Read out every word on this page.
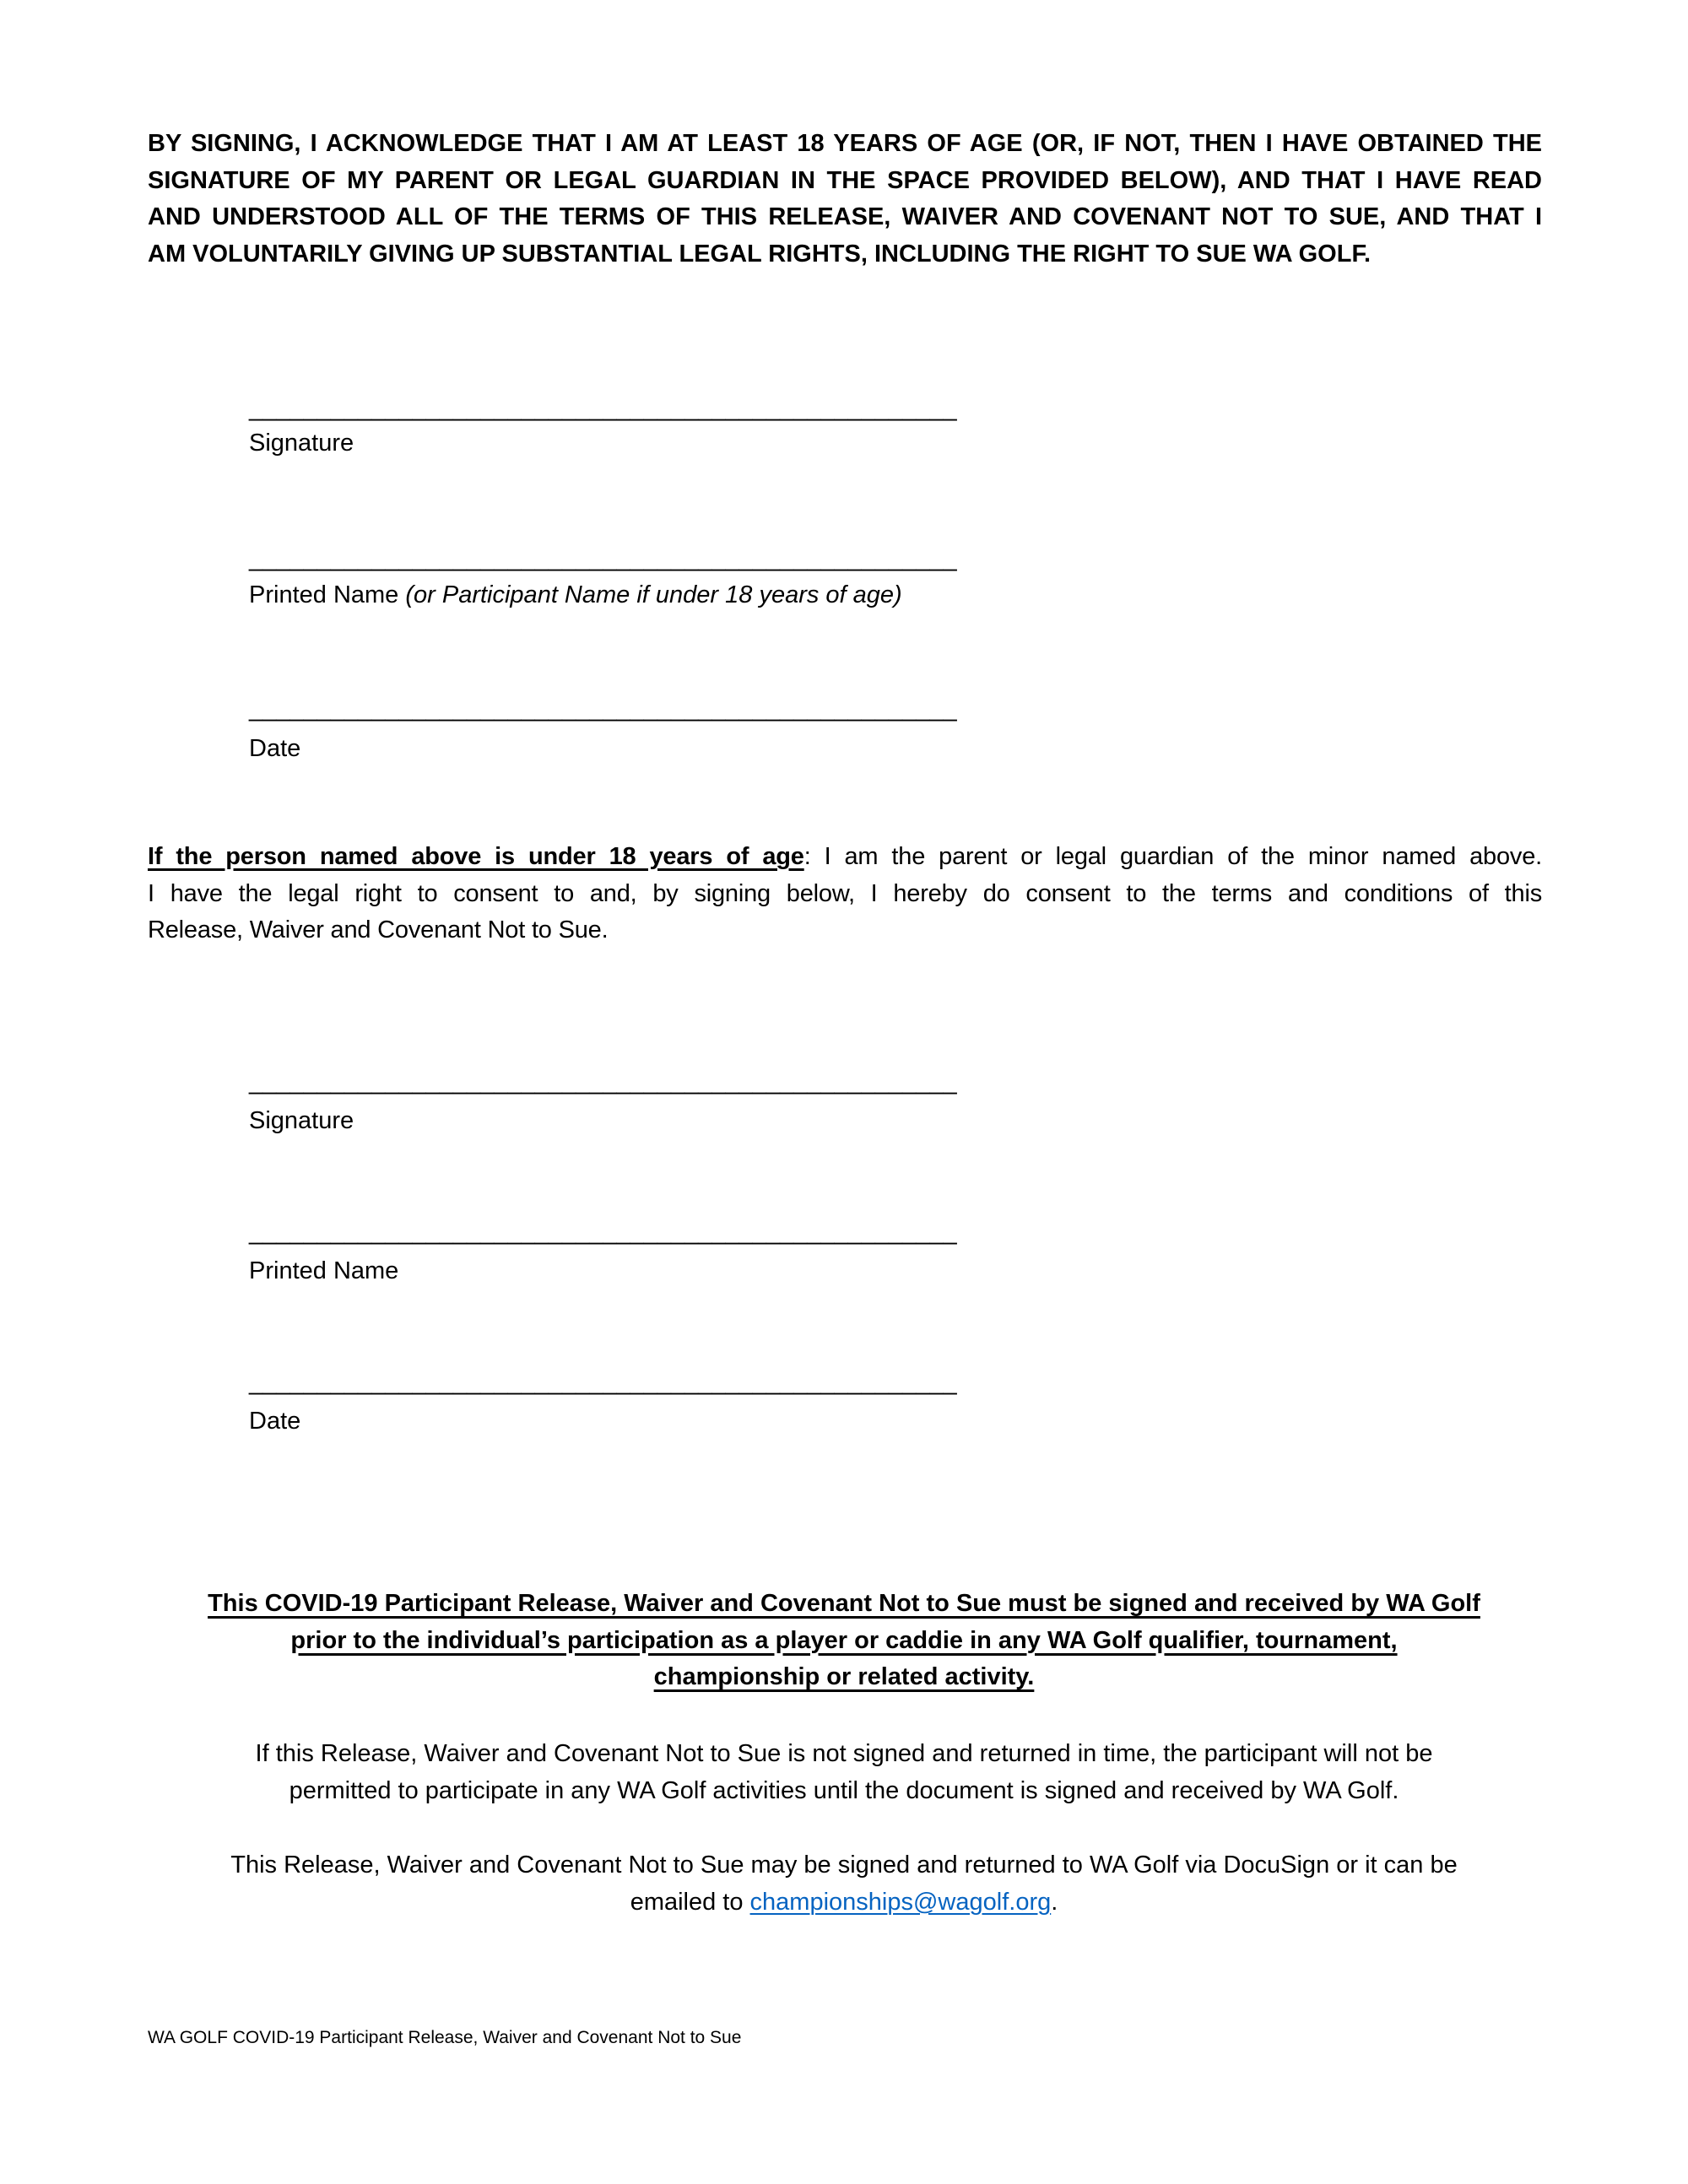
BY SIGNING, I ACKNOWLEDGE THAT I AM AT LEAST 18 YEARS OF AGE (OR, IF NOT, THEN I HAVE OBTAINED THE
SIGNATURE OF MY PARENT OR LEGAL GUARDIAN IN THE SPACE PROVIDED BELOW), AND THAT I HAVE READ
AND UNDERSTOOD ALL OF THE TERMS OF THIS RELEASE, WAIVER AND COVENANT NOT TO SUE, AND THAT I
AM VOLUNTARILY GIVING UP SUBSTANTIAL LEGAL RIGHTS, INCLUDING THE RIGHT TO SUE WA GOLF.
____________________________________________________
Signature
____________________________________________________
Printed Name (or Participant Name if under 18 years of age)
____________________________________________________
Date
If the person named above is under 18 years of age: I am the parent or legal guardian of the minor named above.
I have the legal right to consent to and, by signing below, I hereby do consent to the terms and conditions of this
Release, Waiver and Covenant Not to Sue.
____________________________________________________
Signature
____________________________________________________
Printed Name
____________________________________________________
Date
This COVID-19 Participant Release, Waiver and Covenant Not to Sue must be signed and received by WA Golf
prior to the individual’s participation as a player or caddie in any WA Golf qualifier, tournament,
championship or related activity.
If this Release, Waiver and Covenant Not to Sue is not signed and returned in time, the participant will not be
permitted to participate in any WA Golf activities until the document is signed and received by WA Golf.
This Release, Waiver and Covenant Not to Sue may be signed and returned to WA Golf via DocuSign or it can be
emailed to championships@wagolf.org.
WA GOLF COVID-19 Participant Release, Waiver and Covenant Not to Sue
